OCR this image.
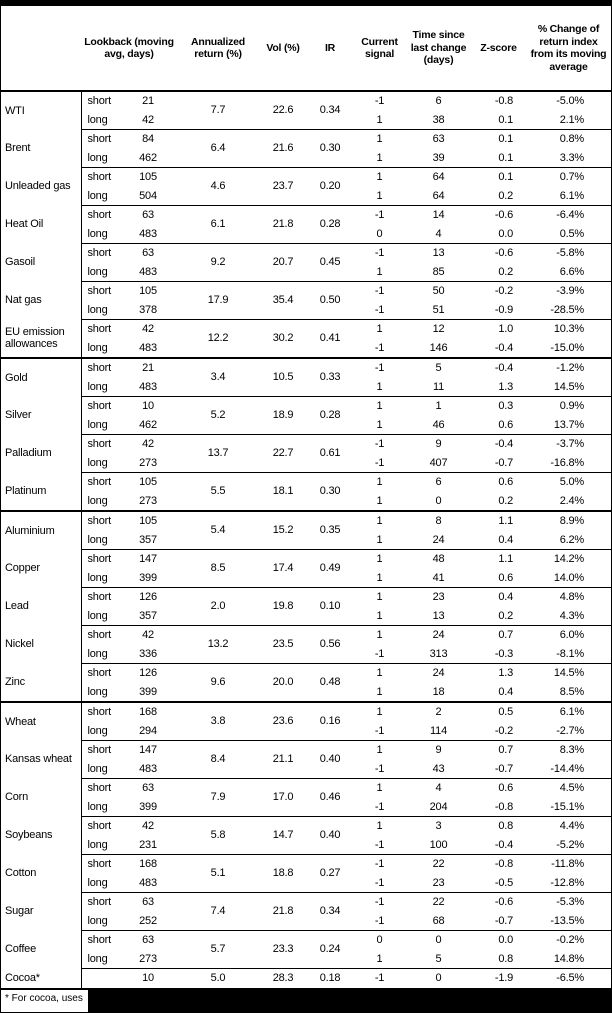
	Lookback (moving avg, days)		Annualized return (%)	Vol (%)	IR	Current signal	Time since last change (days)	Z-score	% Change of return index from its moving average
WTI	short	21	7.7	22.6	0.34	-1	6	-0.8	-5.0%
	long	42				1	38	0.1	2.1%
Brent	short	84	6.4	21.6	0.30	1	63	0.1	0.8%
	long	462				1	39	0.1	3.3%
Unleaded gas	short	105	4.6	23.7	0.20	1	64	0.1	0.7%
	long	504				1	64	0.2	6.1%
Heat Oil	short	63	6.1	21.8	0.28	-1	14	-0.6	-6.4%
	long	483				0	4	0.0	0.5%
Gasoil	short	63	9.2	20.7	0.45	-1	13	-0.6	-5.8%
	long	483				1	85	0.2	6.6%
Nat gas	short	105	17.9	35.4	0.50	-1	50	-0.2	-3.9%
	long	378				-1	51	-0.9	-28.5%
EU emission allowances	short	42	12.2	30.2	0.41	1	12	1.0	10.3%
	long	483				-1	146	-0.4	-15.0%
Gold	short	21	3.4	10.5	0.33	-1	5	-0.4	-1.2%
	long	483				1	11	1.3	14.5%
Silver	short	10	5.2	18.9	0.28	1	1	0.3	0.9%
	long	462				1	46	0.6	13.7%
Palladium	short	42	13.7	22.7	0.61	-1	9	-0.4	-3.7%
	long	273				-1	407	-0.7	-16.8%
Platinum	short	105	5.5	18.1	0.30	1	6	0.6	5.0%
	long	273				1	0	0.2	2.4%
Aluminium	short	105	5.4	15.2	0.35	1	8	1.1	8.9%
	long	357				1	24	0.4	6.2%
Copper	short	147	8.5	17.4	0.49	1	48	1.1	14.2%
	long	399				1	41	0.6	14.0%
Lead	short	126	2.0	19.8	0.10	1	23	0.4	4.8%
	long	357				1	13	0.2	4.3%
Nickel	short	42	13.2	23.5	0.56	1	24	0.7	6.0%
	long	336				-1	313	-0.3	-8.1%
Zinc	short	126	9.6	20.0	0.48	1	24	1.3	14.5%
	long	399				1	18	0.4	8.5%
Wheat	short	168	3.8	23.6	0.16	1	2	0.5	6.1%
	long	294				-1	114	-0.2	-2.7%
Kansas wheat	short	147	8.4	21.1	0.40	1	9	0.7	8.3%
	long	483				-1	43	-0.7	-14.4%
Corn	short	63	7.9	17.0	0.46	1	4	0.6	4.5%
	long	399				-1	204	-0.8	-15.1%
Soybeans	short	42	5.8	14.7	0.40	1	3	0.8	4.4%
	long	231				-1	100	-0.4	-5.2%
Cotton	short	168	5.1	18.8	0.27	-1	22	-0.8	-11.8%
	long	483				-1	23	-0.5	-12.8%
Sugar	short	63	7.4	21.8	0.34	-1	22	-0.6	-5.3%
	long	252				-1	68	-0.7	-13.5%
Coffee	short	63	5.7	23.3	0.24	0	0	0.0	-0.2%
	long	273				1	5	0.8	14.8%
Cocoa*		10	5.0	28.3	0.18	-1	0	-1.9	-6.5%
* For cocoa, uses
